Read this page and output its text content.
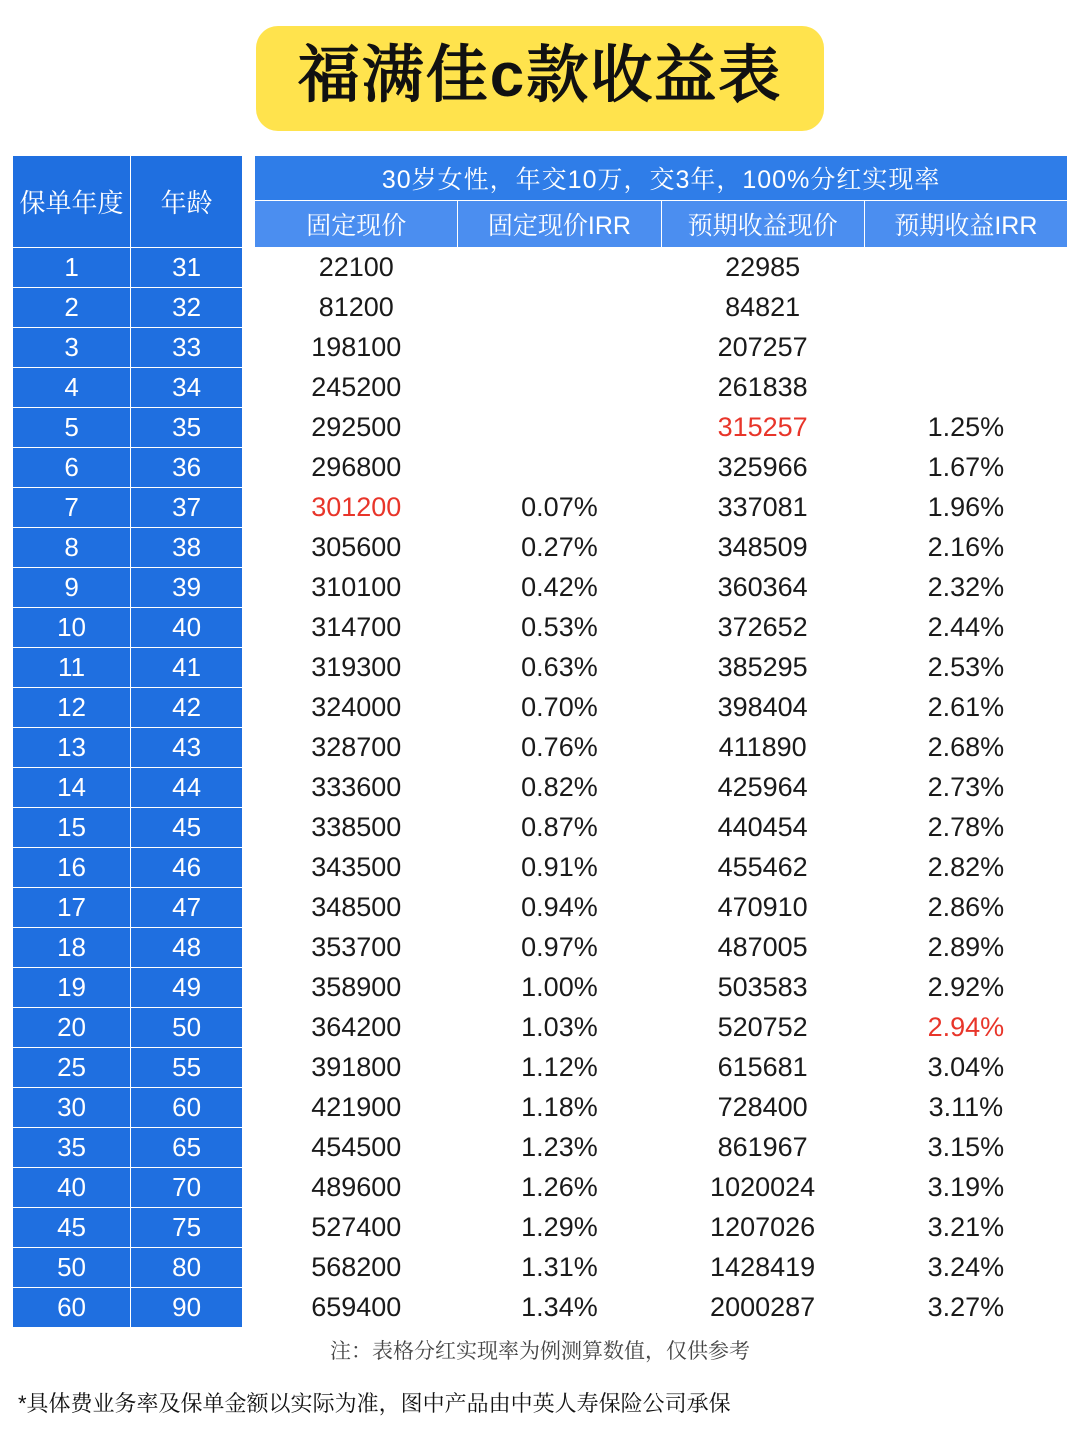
福满佳c款收益表
保单年度	年龄		30岁女性，年交10万，交3年，100%分红实现率			
			固定现价	固定现价IRR	预期收益现价	预期收益IRR
1	31		22100		22985	
2	32		81200		84821	
3	33		198100		207257	
4	34		245200		261838	
5	35		292500		315257	1.25%
6	36		296800		325966	1.67%
7	37		301200	0.07%	337081	1.96%
8	38		305600	0.27%	348509	2.16%
9	39		310100	0.42%	360364	2.32%
10	40		314700	0.53%	372652	2.44%
11	41		319300	0.63%	385295	2.53%
12	42		324000	0.70%	398404	2.61%
13	43		328700	0.76%	411890	2.68%
14	44		333600	0.82%	425964	2.73%
15	45		338500	0.87%	440454	2.78%
16	46		343500	0.91%	455462	2.82%
17	47		348500	0.94%	470910	2.86%
18	48		353700	0.97%	487005	2.89%
19	49		358900	1.00%	503583	2.92%
20	50		364200	1.03%	520752	2.94%
25	55		391800	1.12%	615681	3.04%
30	60		421900	1.18%	728400	3.11%
35	65		454500	1.23%	861967	3.15%
40	70		489600	1.26%	1020024	3.19%
45	75		527400	1.29%	1207026	3.21%
50	80		568200	1.31%	1428419	3.24%
60	90		659400	1.34%	2000287	3.27%
注：表格分红实现率为例测算数值，仅供参考						
*具体费业务率及保单金额以实际为准，图中产品由中英人寿保险公司承保
